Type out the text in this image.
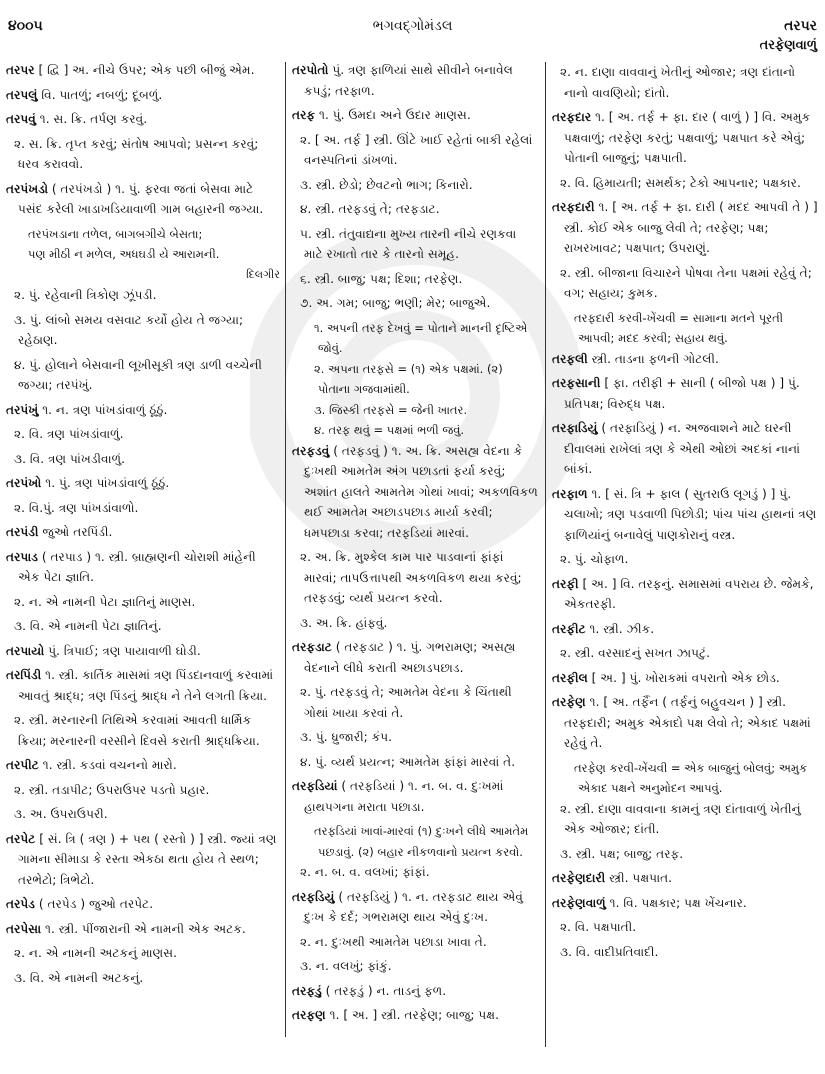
૪૦૦૫	ભગવદ્ગોમંડલ	તરપર
તરફેણવાળું
તરપર [ દ્વિ ] અ. નીચે ઉપર; એક પછી બીજું એમ.
તરપલું વિ. પાતળું; નબળું; દૂબળું.
તરપવું ૧. સ. ક્રિ. તર્પણ કરવું.
૨. સ. ક્રિ. તૃપ્ત કરવું; સંતોષ આપવો; પ્રસન્ન કરવું; ધરવ કરાવવો.
તરપંખડો ( તરપંખડો ) ૧. પું. ફરવા જતાં બેસવા માટે પસંદ કરેલી ખાડાખડિયાવાળી ગામ બહારની જગ્યા.
તરપંખડાના તળેલ, બાગબગીચે બેસતા;
પણ મીઠી ન મળેલ, અધઘડી યે આરામની.
દિલગીર
૨. પું. રહેવાની ત્રિકોણ ઝૂંપડી.
૩. પું. લાંબો સમય વસવાટ કર્યો હોય તે જગ્યા; રહેઠાણ.
૪. પું. હોલાને બેસવાની લૂખીસૂકી ત્રણ ડાળી વચ્ચેની જગ્યા; તરપંખું.
તરપંખું ૧. ન. ત્રણ પાંખડાંવાળું ઠૂંઠું.
૨. વિ. ત્રણ પાંખડાંવાળું.
૩. વિ. ત્રણ પાંખડીવાળું.
તરપંખો ૧. પું. ત્રણ પાંખડાંવાળું ઠૂંઠું.
૨. વિ.પું. ત્રણ પાંખડાંવાળો.
તરપંડી જુઓ તરપિંડી.
તરપાડ ( તરપાડ ) ૧. સ્ત્રી. બ્રાહ્મણની ચોરાશી માંહેની એક પેટા જ્ઞાતિ.
૨. ન. એ નામની પેટા જ્ઞાતિનું માણસ.
૩. વિ. એ નામની પેટા જ્ઞાતિનું.
તરપાયો પું. ત્રિપાઈ; ત્રણ પાયાવાળી ઘોડી.
તરપિંડી ૧. સ્ત્રી. કાર્તિક માસમાં ત્રણ પિંડદાનવાળું કરવામાં આવતું શ્રાદ્ધ; ત્રણ પિંડનું શ્રાદ્ધ ને તેને લગતી ક્રિયા.
૨. સ્ત્રી. મરનારની તિથિએ કરવામાં આવતી ધાર્મિક ક્રિયા; મરનારની વરસીને દિવસે કરાતી શ્રાદ્ધક્રિયા.
તરપીટ ૧. સ્ત્રી. કડવાં વચનનો મારો.
૨. સ્ત્રી. તડાપીટ; ઉપરાઉપર પડતો પ્રહાર.
૩. અ. ઉપરાઉપરી.
તરપેટ [ સં. ત્રિ ( ત્રણ ) + પથ ( રસ્તો ) ] સ્ત્રી. જ્યાં ત્રણ ગામના સીમાડા કે રસ્તા એકઠા થતા હોય તે સ્થળ; તરભેટો; ત્રિભેટો.
તરપેડ ( તરપેડ ) જુઓ તરપેટ.
તરપેસા ૧. સ્ત્રી. પીંજારાની એ નામની એક અટક.
૨. ન. એ નામની અટકનું માણસ.
૩. વિ. એ નામની અટકનું.
તરપોતો પું. ત્રણ ફાળિયાં સાથે સીવીને બનાવેલ કપડું; તરફાળ.
તરફ ૧. પું. ઉમદા અને ઉદાર માણસ.
૨. [ અ. તર્ફ ] સ્ત્રી. ઊંટે ખાઈ રહેતાં બાકી રહેલાં વનસ્પતિનાં ડાંખળાં.
૩. સ્ત્રી. છેડો; છેવટનો ભાગ; કિનારો.
૪. સ્ત્રી. તરફડવું તે; તરફડાટ.
૫. સ્ત્રી. તંતુવાદ્યના મુખ્ય તારની નીચે રણકવા માટે રખાતો તાર કે તારનો સમૂહ.
૬. સ્ત્રી. બાજુ; પક્ષ; દિશા; તરફેણ.
૭. અ. ગમ; બાજુ; ભણી; મેર; બાજુએ.
૧. અપની તરફ દેખવું = પોતાને માનની દૃષ્ટિએ જોવું.
૨. અપના તરફસે = (૧) એક પક્ષમાં. (૨) પોતાના ગજવામાંથી.
૩. જિસ્કી તરફસે = જેની ખાતર.
૪. તરફ થવું = પક્ષમાં ભળી જવું.
તરફડવું ( તરફડવું ) ૧. અ. ક્રિ. અસહ્ય વેદના કે દુઃખથી આમતેમ અંગ પછાડતાં ફર્યા કરવું; અશાંત હાલતે આમતેમ ગોથાં ખાવાં; અકળવિકળ થઈ આમતેમ અછાડપછાડ માર્યા કરવી; ધમપછાડા કરવા; તરફડિયાં મારવાં.
૨. અ. ક્રિ. મુશ્કેલ કામ પાર પાડવાનાં ફાંફાં મારવાં; તાપઉત્તાપથી અકળવિકળ થયા કરવું; તરફડવું; વ્યર્થ પ્રયત્ન કરવો.
૩. અ. ક્રિ. હાંફવું.
તરફડાટ ( તરફડાટ ) ૧. પું. ગભરામણ; અસહ્ય વેદનાને લીધે કરાતી અછાડપછાડ.
૨. પું. તરફડવું તે; આમતેમ વેદના કે ચિંતાથી ગોથાં ખાયા કરવાં તે.
૩. પું. ધ્રુજારી; કંપ.
૪. પું. વ્યર્થ પ્રયત્ન; આમતેમ ફાંફાં મારવાં તે.
તરફડિયાં ( તરફડિયાં ) ૧. ન. બ. વ. દુઃખમાં હાથપગના મરાતા પછાડા.
તરફડિયાં ખાવાં-મારવાં (૧) દુઃખને લીધે આમતેમ પછડાવું. (૨) બહાર નીકળવાનો પ્રયત્ન કરવો.
૨. ન. બ. વ. વલખાં; ફાંફાં.
તરફડિયું ( તરફડિયું ) ૧. ન. તરફડાટ થાય એવું દુઃખ કે દર્દ; ગભરામણ થાય એવું દુઃખ.
૨. ન. દુઃખથી આમતેમ પછાડા ખાવા તે.
૩. ન. વલખું; ફાંકું.
તરફડું ( તરફડું ) ન. તાડનું ફળ.
તરફણ ૧. [ અ. ] સ્ત્રી. તરફેણ; બાજુ; પક્ષ.
૨. ન. દાણા વાવવાનું ખેતીનું ઓજાર; ત્રણ દાંતાનો નાનો વાવણિયો; દાંતો.
તરફદાર ૧. [ અ. તર્ફ + ફા. દાર ( વાળું ) ] વિ. અમુક પક્ષવાળું; તરફેણ કરતું; પક્ષવાળું; પક્ષપાત કરે એવું; પોતાની બાજુનું; પક્ષપાતી.
૨. વિ. હિમાયતી; સમર્થક; ટેકો આપનાર; પક્ષકાર.
તરફદારી ૧. [ અ. તર્ફ + ફા. દારી ( મદદ આપવી તે ) ] સ્ત્રી. કોઈ એક બાજુ લેવી તે; તરફેણ; પક્ષ; રાખરખાવટ; પક્ષપાત; ઉપરાણું.
૨. સ્ત્રી. બીજાના વિચારને પોષવા તેના પક્ષમાં રહેવું તે; વગ; સહાય; કુમક.
તરફદારી કરવી-ખેંચવી = સામાના મતને પૂરતી આપવી; મદદ કરવી; સહાય થવું.
તરફલી સ્ત્રી. તાડના ફળની ગોટલી.
તરફસાની [ ફા. તરીફી + સાની ( બીજો પક્ષ ) ] પું. પ્રતિપક્ષ; વિરુદ્ધ પક્ષ.
તરફાડિયું ( તરફાડિયું ) ન. અજવાશને માટે ઘરની દીવાલમાં રાખેલાં ત્રણ કે એથી ઓછાં અદકાં નાનાં બાંકાં.
તરફાળ ૧. [ સં. ત્રિ + ફાલ ( સુતરાઉ લૂગડું ) ] પું. ચલાખો; ત્રણ પડવાળી પિછોડી; પાંચ પાંચ હાથનાં ત્રણ ફાળિયાંનું બનાવેલું પાણકોરાનું વસ્ત્ર.
૨. પું. ચોફાળ.
તરફી [ અ. ] વિ. તરફનું. સમાસમાં વપરાય છે. જેમકે, એકતરફી.
તરફીટ ૧. સ્ત્રી. ઝીક.
૨. સ્ત્રી. વરસાદનું સખત ઝાપટું.
તરફીલ [ અ. ] પું. ખોરાકમાં વપરાતો એક છોડ.
તરફેણ ૧. [ અ. તર્ફૈન ( તર્ફનું બહુવચન ) ] સ્ત્રી. તરફદારી; અમુક એકાદો પક્ષ લેવો તે; એકાદ પક્ષમાં રહેવું તે.
તરફેણ કરવી-ખેંચવી = એક બાજુનું બોલવું; અમુક એકાદ પક્ષને અનુમોદન આપવું.
૨. સ્ત્રી. દાણા વાવવાના કામનું ત્રણ દાંતાવાળું ખેતીનું એક ઓજાર; દાંતી.
૩. સ્ત્રી. પક્ષ; બાજુ; તરફ.
તરફેણદારી સ્ત્રી. પક્ષપાત.
તરફેણવાળું ૧. વિ. પક્ષકાર; પક્ષ ખેંચનાર.
૨. વિ. પક્ષપાતી.
૩. વિ. વાદીપ્રતિવાદી.
